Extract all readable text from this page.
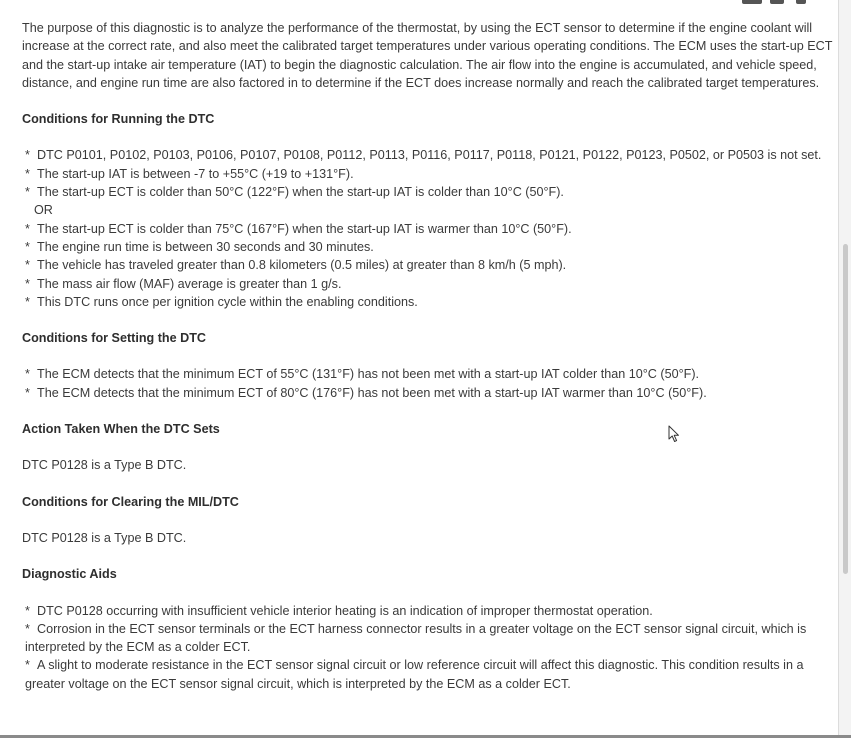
The purpose of this diagnostic is to analyze the performance of the thermostat, by using the ECT sensor to determine if the engine coolant will increase at the correct rate, and also meet the calibrated target temperatures under various operating conditions. The ECM uses the start-up ECT and the start-up intake air temperature (IAT) to begin the diagnostic calculation. The air flow into the engine is accumulated, and vehicle speed, distance, and engine run time are also factored in to determine if the ECT does increase normally and reach the calibrated target temperatures.

Conditions for Running the DTC
* DTC P0101, P0102, P0103, P0106, P0107, P0108, P0112, P0113, P0116, P0117, P0118, P0121, P0122, P0123, P0502, or P0503 is not set.
* The start-up IAT is between -7 to +55°C (+19 to +131°F).
* The start-up ECT is colder than 50°C (122°F) when the start-up IAT is colder than 10°C (50°F).
OR
* The start-up ECT is colder than 75°C (167°F) when the start-up IAT is warmer than 10°C (50°F).
* The engine run time is between 30 seconds and 30 minutes.
* The vehicle has traveled greater than 0.8 kilometers (0.5 miles) at greater than 8 km/h (5 mph).
* The mass air flow (MAF) average is greater than 1 g/s.
* This DTC runs once per ignition cycle within the enabling conditions.
Conditions for Setting the DTC
* The ECM detects that the minimum ECT of 55°C (131°F) has not been met with a start-up IAT colder than 10°C (50°F).
* The ECM detects that the minimum ECT of 80°C (176°F) has not been met with a start-up IAT warmer than 10°C (50°F).
Action Taken When the DTC Sets

DTC P0128 is a Type B DTC.

Conditions for Clearing the MIL/DTC

DTC P0128 is a Type B DTC.

Diagnostic Aids
* DTC P0128 occurring with insufficient vehicle interior heating is an indication of improper thermostat operation.
* Corrosion in the ECT sensor terminals or the ECT harness connector results in a greater voltage on the ECT sensor signal circuit, which is interpreted by the ECM as a colder ECT.
* A slight to moderate resistance in the ECT sensor signal circuit or low reference circuit will affect this diagnostic. This condition results in a greater voltage on the ECT sensor signal circuit, which is interpreted by the ECM as a colder ECT.
